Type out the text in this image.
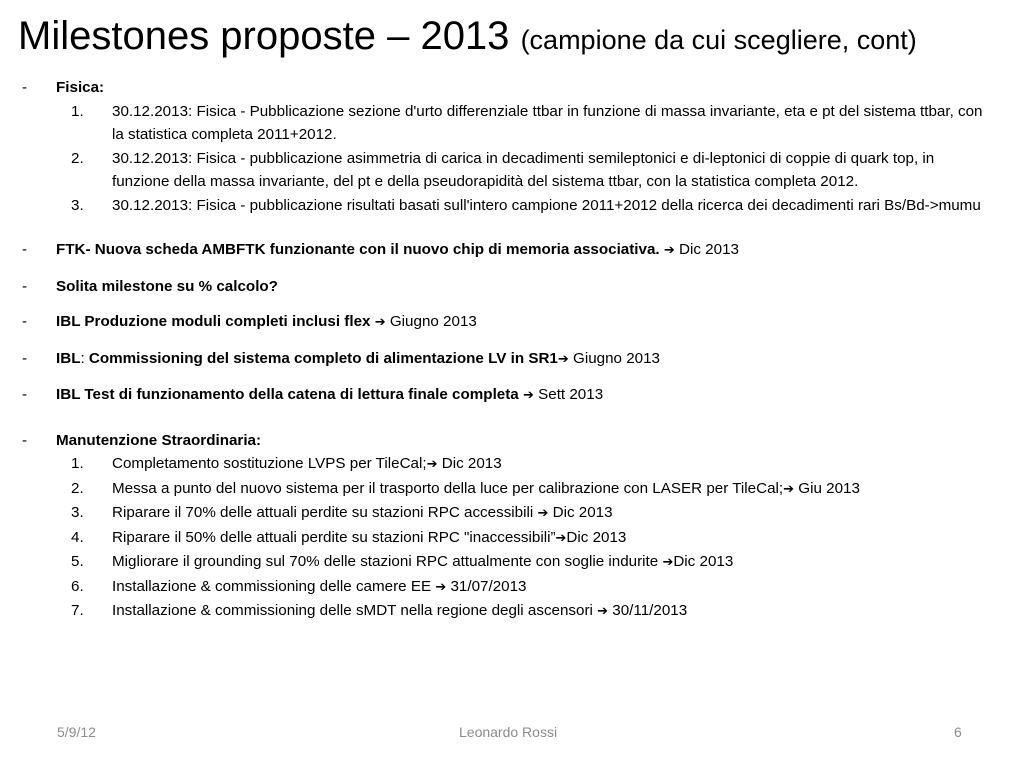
Milestones proposte – 2013 (campione da cui scegliere, cont)
-	Fisica:
1. 30.12.2013: Fisica - Pubblicazione sezione d'urto differenziale ttbar in funzione di massa invariante, eta e pt del sistema ttbar, con la statistica completa 2011+2012.
2. 30.12.2013: Fisica - pubblicazione asimmetria di carica in decadimenti semileptonici e di-leptonici di coppie di quark top, in funzione della massa invariante, del pt e della pseudorapidità del sistema ttbar, con la statistica completa 2012.
3. 30.12.2013: Fisica - pubblicazione risultati basati sull'intero campione 2011+2012 della ricerca dei decadimenti rari Bs/Bd->mumu
-	FTK- Nuova scheda AMBFTK funzionante con il nuovo chip di memoria associativa. ➔ Dic 2013
-	Solita milestone su % calcolo?
-	IBL Produzione moduli completi inclusi flex ➔ Giugno 2013
-	IBL: Commissioning del sistema completo di alimentazione LV in SR1➔ Giugno 2013
-	IBL Test di funzionamento della catena di lettura finale completa ➔ Sett 2013
-	Manutenzione Straordinaria:
1. Completamento sostituzione LVPS per TileCal;➔ Dic 2013
2. Messa a punto del nuovo sistema per il trasporto della luce per calibrazione con LASER per TileCal;➔ Giu 2013
3. Riparare il 70% delle attuali perdite su stazioni RPC accessibili ➔ Dic 2013
4. Riparare il 50% delle attuali perdite su stazioni RPC "inaccessibili”➔Dic 2013
5. Migliorare il grounding sul 70% delle stazioni RPC attualmente con soglie indurite ➔Dic 2013
6. Installazione & commissioning delle camere EE ➔ 31/07/2013
7. Installazione & commissioning delle sMDT nella regione degli ascensori ➔ 30/11/2013
5/9/12	Leonardo Rossi	6
